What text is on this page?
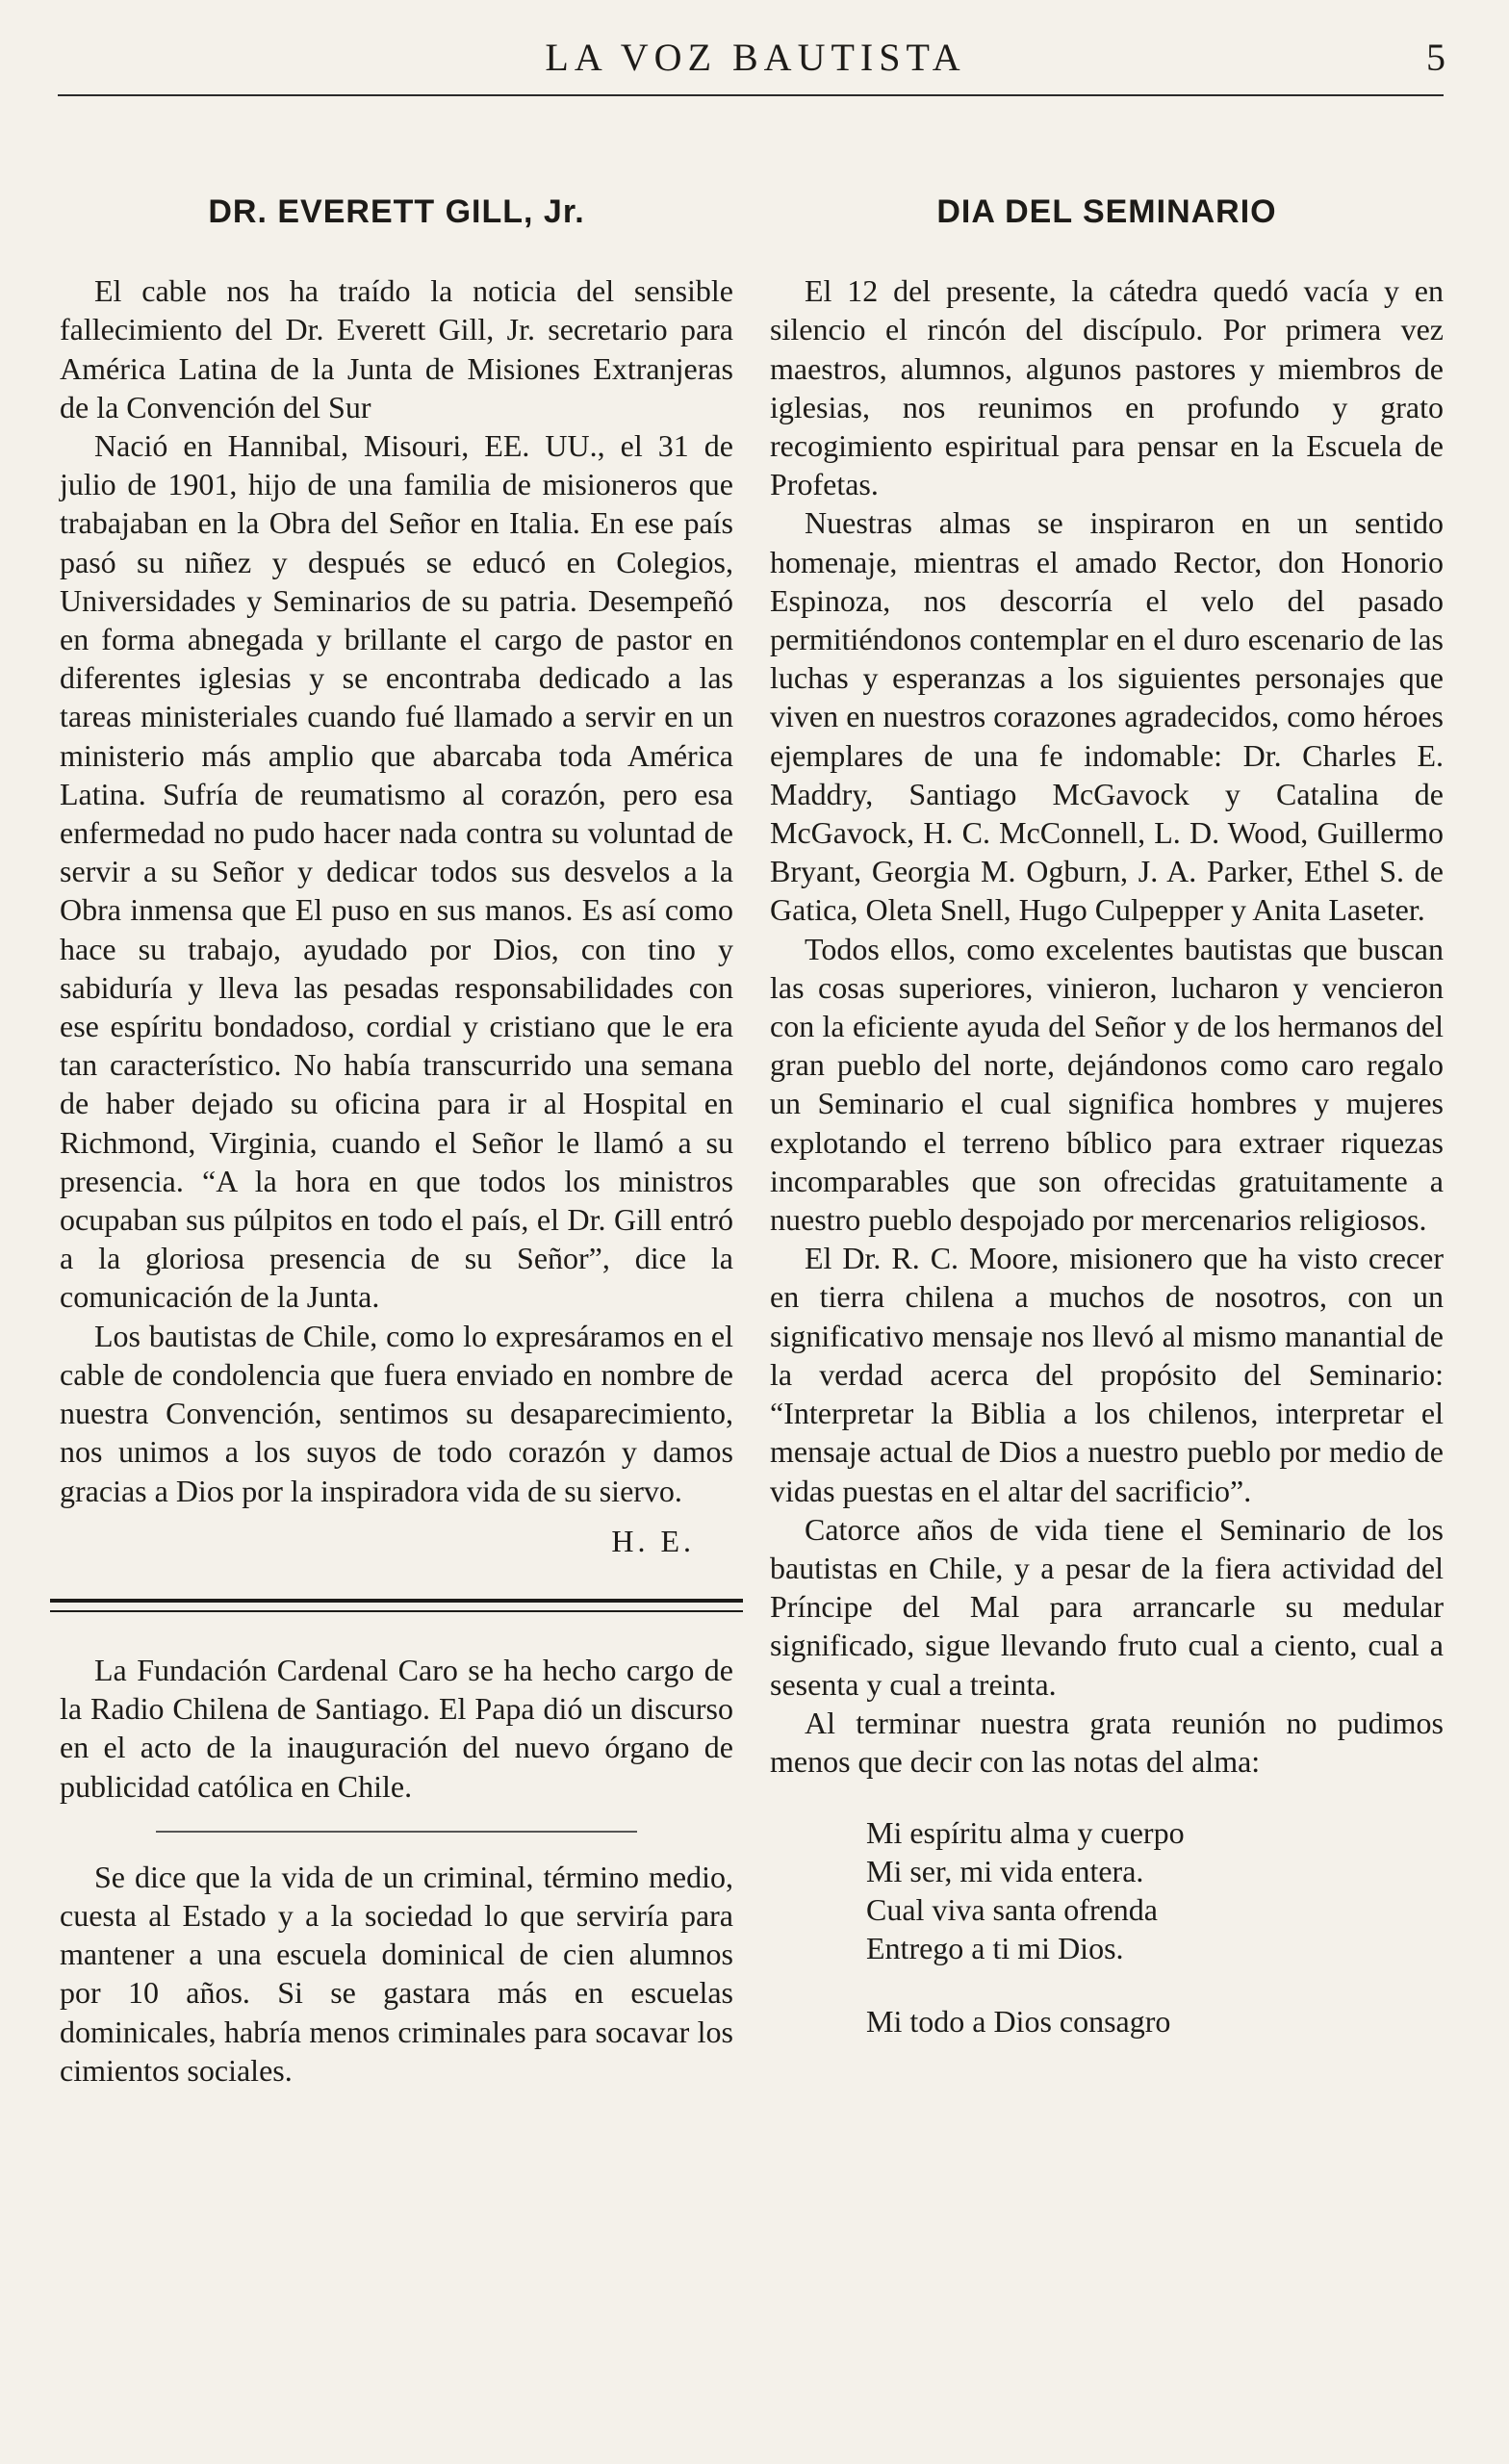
LA VOZ BAUTISTA	5
DR. EVERETT GILL, Jr.

El cable nos ha traído la noticia del sensible fallecimiento del Dr. Everett Gill, Jr. secretario para América Latina de la Junta de Misiones Extranjeras de la Convención del Sur

Nació en Hannibal, Misouri, EE. UU., el 31 de julio de 1901, hijo de una familia de misioneros que trabajaban en la Obra del Señor en Italia. En ese país pasó su niñez y después se educó en Colegios, Universidades y Seminarios de su patria. Desempeñó en forma abnegada y brillante el cargo de pastor en diferentes iglesias y se encontraba dedicado a las tareas ministeriales cuando fué llamado a servir en un ministerio más amplio que abarcaba toda América Latina. Sufría de reumatismo al corazón, pero esa enfermedad no pudo hacer nada contra su voluntad de servir a su Señor y dedicar todos sus desvelos a la Obra inmensa que El puso en sus manos. Es así como hace su trabajo, ayudado por Dios, con tino y sabiduría y lleva las pesadas responsabilidades con ese espíritu bondadoso, cordial y cristiano que le era tan característico. No había transcurrido una semana de haber dejado su oficina para ir al Hospital en Richmond, Virginia, cuando el Señor le llamó a su presencia. “A la hora en que todos los ministros ocupaban sus púlpitos en todo el país, el Dr. Gill entró a la gloriosa presencia de su Señor”, dice la comunicación de la Junta.

Los bautistas de Chile, como lo expresáramos en el cable de condolencia que fuera enviado en nombre de nuestra Convención, sentimos su desaparecimiento, nos unimos a los suyos de todo corazón y damos gracias a Dios por la inspiradora vida de su siervo.

H. E.

La Fundación Cardenal Caro se ha hecho cargo de la Radio Chilena de Santiago. El Papa dió un discurso en el acto de la inauguración del nuevo órgano de publicidad católica en Chile.

Se dice que la vida de un criminal, término medio, cuesta al Estado y a la sociedad lo que serviría para mantener a una escuela dominical de cien alumnos por 10 años. Si se gastara más en escuelas dominicales, habría menos criminales para socavar los cimientos sociales.

DIA DEL SEMINARIO

El 12 del presente, la cátedra quedó vacía y en silencio el rincón del discípulo. Por primera vez maestros, alumnos, algunos pastores y miembros de iglesias, nos reunimos en profundo y grato recogimiento espiritual para pensar en la Escuela de Profetas.

Nuestras almas se inspiraron en un sentido homenaje, mientras el amado Rector, don Honorio Espinoza, nos descorría el velo del pasado permitiéndonos contemplar en el duro escenario de las luchas y esperanzas a los siguientes personajes que viven en nuestros corazones agradecidos, como héroes ejemplares de una fe indomable: Dr. Charles E. Maddry, Santiago McGavock y Catalina de McGavock, H. C. McConnell, L. D. Wood, Guillermo Bryant, Georgia M. Ogburn, J. A. Parker, Ethel S. de Gatica, Oleta Snell, Hugo Culpepper y Anita Laseter.

Todos ellos, como excelentes bautistas que buscan las cosas superiores, vinieron, lucharon y vencieron con la eficiente ayuda del Señor y de los hermanos del gran pueblo del norte, dejándonos como caro regalo un Seminario el cual significa hombres y mujeres explotando el terreno bíblico para extraer riquezas incomparables que son ofrecidas gratuitamente a nuestro pueblo despojado por mercenarios religiosos.

El Dr. R. C. Moore, misionero que ha visto crecer en tierra chilena a muchos de nosotros, con un significativo mensaje nos llevó al mismo manantial de la verdad acerca del propósito del Seminario: “Interpretar la Biblia a los chilenos, interpretar el mensaje actual de Dios a nuestro pueblo por medio de vidas puestas en el altar del sacrificio”.

Catorce años de vida tiene el Seminario de los bautistas en Chile, y a pesar de la fiera actividad del Príncipe del Mal para arrancarle su medular significado, sigue llevando fruto cual a ciento, cual a sesenta y cual a treinta.

Al terminar nuestra grata reunión no pudimos menos que decir con las notas del alma:

Mi espíritu alma y cuerpo
Mi ser, mi vida entera.
Cual viva santa ofrenda
Entrego a ti mi Dios.
Mi todo a Dios consagro
